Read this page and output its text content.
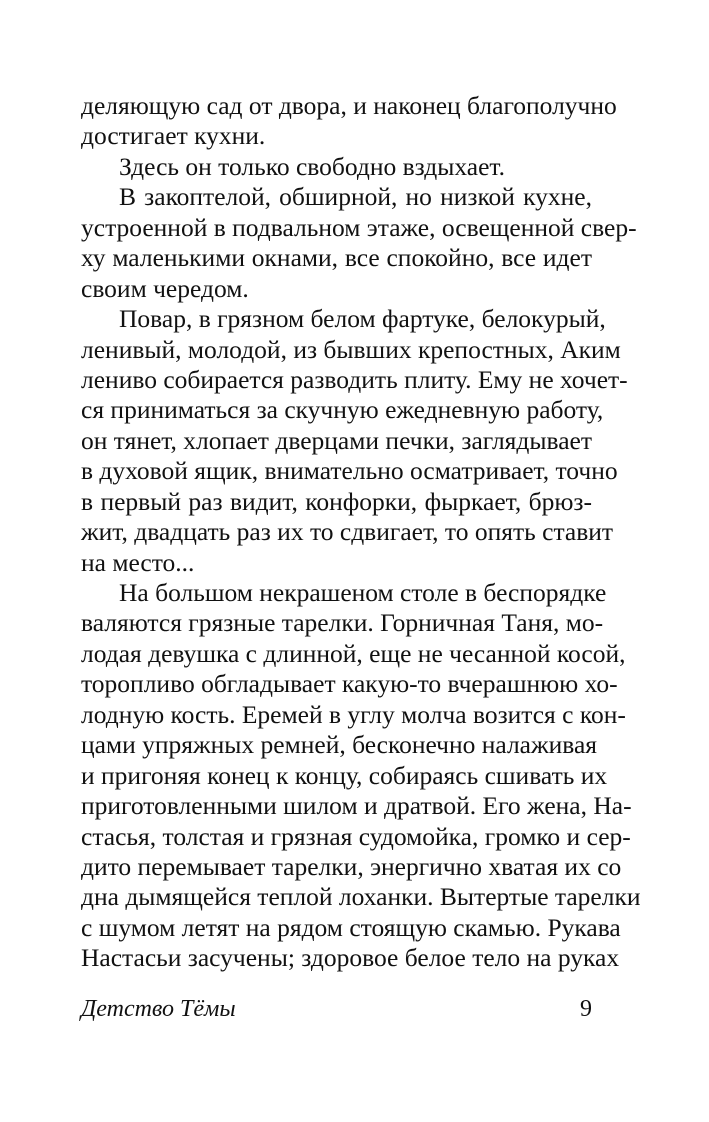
деляющую сад от двора, и наконец благополучно
достигает кухни.
Здесь он только свободно вздыхает.
В закоптелой, обширной, но низкой кухне,
устроенной в подвальном этаже, освещенной свер-
ху маленькими окнами, все спокойно, все идет
своим чередом.
Повар, в грязном белом фартуке, белокурый,
ленивый, молодой, из бывших крепостных, Аким
лениво собирается разводить плиту. Ему не хочет-
ся приниматься за скучную ежедневную работу,
он тянет, хлопает дверцами печки, заглядывает
в духовой ящик, внимательно осматривает, точно
в первый раз видит, конфорки, фыркает, брюз-
жит, двадцать раз их то сдвигает, то опять ставит
на место...
На большом некрашеном столе в беспорядке
валяются грязные тарелки. Горничная Таня, мо-
лодая девушка с длинной, еще не чесанной косой,
торопливо обгладывает какую-то вчерашнюю хо-
лодную кость. Еремей в углу молча возится с кон-
цами упряжных ремней, бесконечно налаживая
и пригоняя конец к концу, собираясь сшивать их
приготовленными шилом и дратвой. Его жена, На-
стасья, толстая и грязная судомойка, громко и сер-
дито перемывает тарелки, энергично хватая их со
дна дымящейся теплой лоханки. Вытертые тарелки
с шумом летят на рядом стоящую скамью. Рукава
Настасьи засучены; здоровое белое тело на руках
Детство Тёмы	9
